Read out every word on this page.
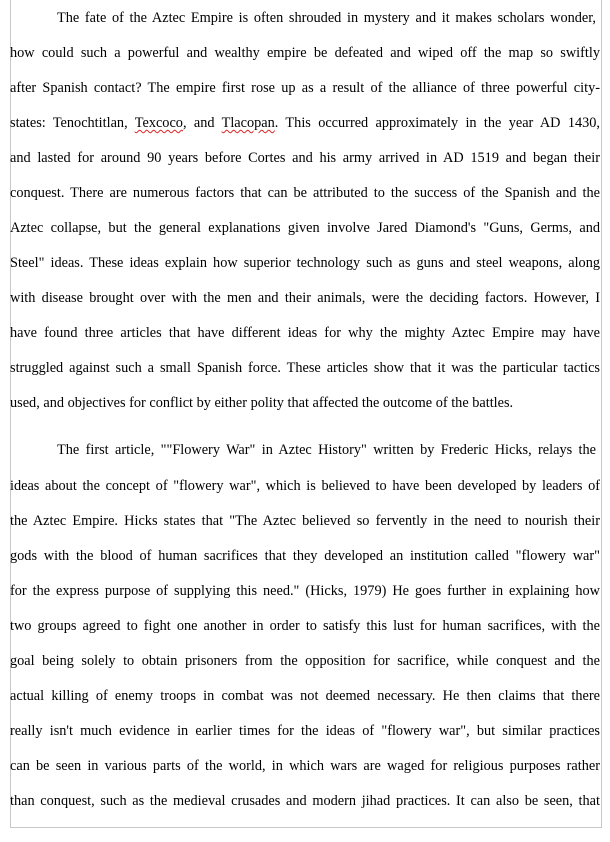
The fate of the Aztec Empire is often shrouded in mystery and it makes scholars wonder,
how could such a powerful and wealthy empire be defeated and wiped off the map so swiftly
after Spanish contact? The empire first rose up as a result of the alliance of three powerful city-
states: Tenochtitlan, Texcoco, and Tlacopan. This occurred approximately in the year AD 1430,
and lasted for around 90 years before Cortes and his army arrived in AD 1519 and began their
conquest. There are numerous factors that can be attributed to the success of the Spanish and the
Aztec collapse, but the general explanations given involve Jared Diamond's "Guns, Germs, and
Steel" ideas. These ideas explain how superior technology such as guns and steel weapons, along
with disease brought over with the men and their animals, were the deciding factors. However, I
have found three articles that have different ideas for why the mighty Aztec Empire may have
struggled against such a small Spanish force. These articles show that it was the particular tactics
used, and objectives for conflict by either polity that affected the outcome of the battles.
The first article, ""Flowery War" in Aztec History" written by Frederic Hicks, relays the
ideas about the concept of "flowery war", which is believed to have been developed by leaders of
the Aztec Empire. Hicks states that "The Aztec believed so fervently in the need to nourish their
gods with the blood of human sacrifices that they developed an institution called "flowery war"
for the express purpose of supplying this need." (Hicks, 1979) He goes further in explaining how
two groups agreed to fight one another in order to satisfy this lust for human sacrifices, with the
goal being solely to obtain prisoners from the opposition for sacrifice, while conquest and the
actual killing of enemy troops in combat was not deemed necessary. He then claims that there
really isn't much evidence in earlier times for the ideas of "flowery war", but similar practices
can be seen in various parts of the world, in which wars are waged for religious purposes rather
than conquest, such as the medieval crusades and modern jihad practices. It can also be seen, that
